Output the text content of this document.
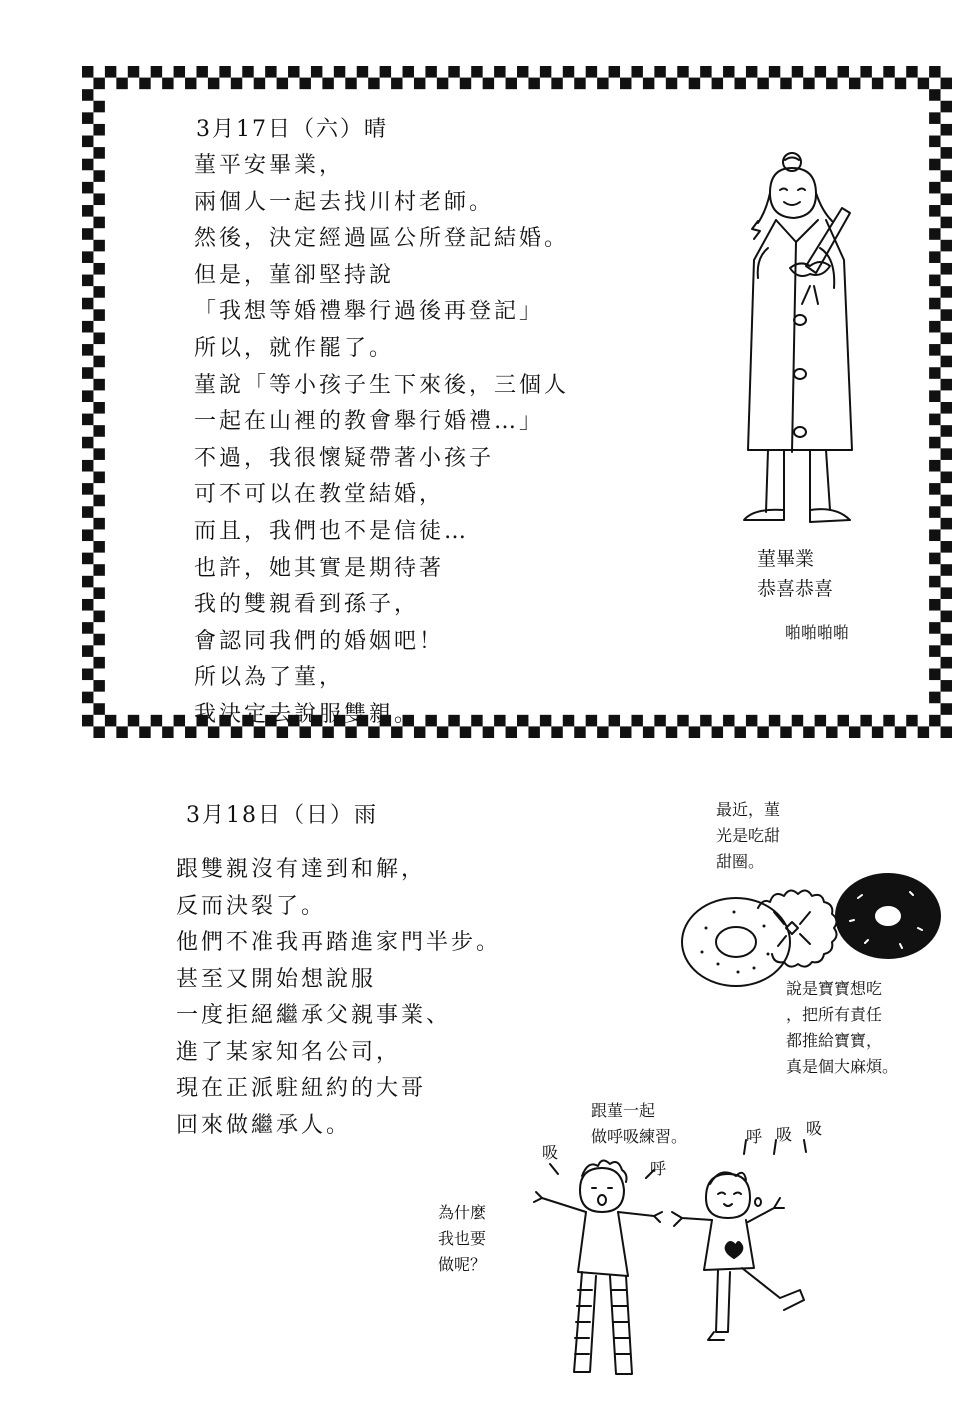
3月17日（六）晴
菫平安畢業，
兩個人一起去找川村老師。
然後，決定經過區公所登記結婚。
但是，菫卻堅持說
「我想等婚禮舉行過後再登記」
所以，就作罷了。
菫說「等小孩子生下來後，三個人
一起在山裡的教會舉行婚禮…」
不過，我很懷疑帶著小孩子
可不可以在教堂結婚，
而且，我們也不是信徒…
也許，她其實是期待著
我的雙親看到孫子，
會認同我們的婚姻吧！
所以為了菫，
我決定去說服雙親。
菫畢業
恭喜恭喜
啪啪啪啪
3月18日（日）雨
跟雙親沒有達到和解，
反而決裂了。
他們不准我再踏進家門半步。
甚至又開始想說服
一度拒絕繼承父親事業、
進了某家知名公司，
現在正派駐紐約的大哥
回來做繼承人。
最近，菫
光是吃甜
甜圈。
說是寶寶想吃
，把所有責任
都推給寶寶，
真是個大麻煩。
跟菫一起
做呼吸練習。
為什麼
我也要
做呢？
吸
呼
呼 吸 吸
